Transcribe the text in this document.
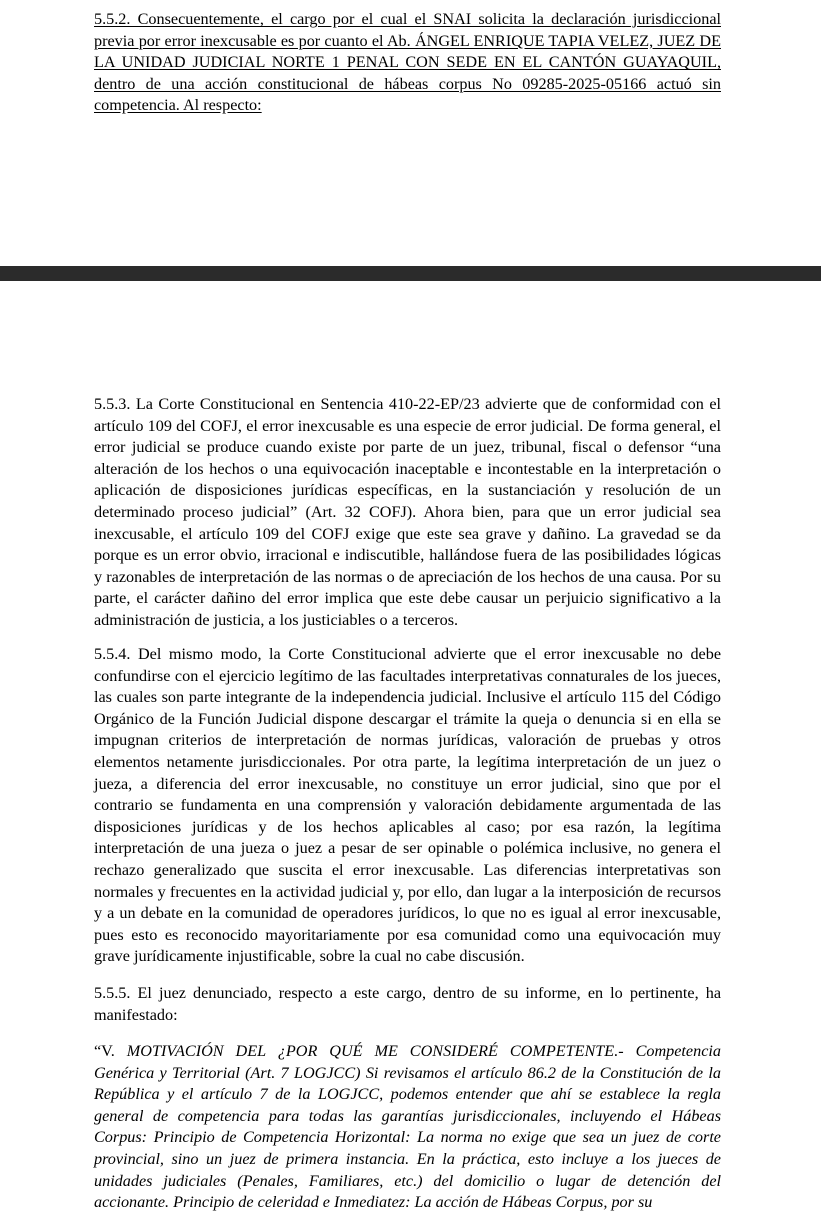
5.5.2. Consecuentemente, el cargo por el cual el SNAI solicita la declaración jurisdiccional previa por error inexcusable es por cuanto el Ab. ÁNGEL ENRIQUE TAPIA VELEZ, JUEZ DE LA UNIDAD JUDICIAL NORTE 1 PENAL CON SEDE EN EL CANTÓN GUAYAQUIL, dentro de una acción constitucional de hábeas corpus No 09285-2025-05166 actuó sin competencia. Al respecto:

5.5.3. La Corte Constitucional en Sentencia 410-22-EP/23 advierte que de conformidad con el artículo 109 del COFJ, el error inexcusable es una especie de error judicial. De forma general, el error judicial se produce cuando existe por parte de un juez, tribunal, fiscal o defensor “una alteración de los hechos o una equivocación inaceptable e incontestable en la interpretación o aplicación de disposiciones jurídicas específicas, en la sustanciación y resolución de un determinado proceso judicial” (Art. 32 COFJ). Ahora bien, para que un error judicial sea inexcusable, el artículo 109 del COFJ exige que este sea grave y dañino. La gravedad se da porque es un error obvio, irracional e indiscutible, hallándose fuera de las posibilidades lógicas y razonables de interpretación de las normas o de apreciación de los hechos de una causa. Por su parte, el carácter dañino del error implica que este debe causar un perjuicio significativo a la administración de justicia, a los justiciables o a terceros.

5.5.4. Del mismo modo, la Corte Constitucional advierte que el error inexcusable no debe confundirse con el ejercicio legítimo de las facultades interpretativas connaturales de los jueces, las cuales son parte integrante de la independencia judicial. Inclusive el artículo 115 del Código Orgánico de la Función Judicial dispone descargar el trámite la queja o denuncia si en ella se impugnan criterios de interpretación de normas jurídicas, valoración de pruebas y otros elementos netamente jurisdiccionales. Por otra parte, la legítima interpretación de un juez o jueza, a diferencia del error inexcusable, no constituye un error judicial, sino que por el contrario se fundamenta en una comprensión y valoración debidamente argumentada de las disposiciones jurídicas y de los hechos aplicables al caso; por esa razón, la legítima interpretación de una jueza o juez a pesar de ser opinable o polémica inclusive, no genera el rechazo generalizado que suscita el error inexcusable. Las diferencias interpretativas son normales y frecuentes en la actividad judicial y, por ello, dan lugar a la interposición de recursos y a un debate en la comunidad de operadores jurídicos, lo que no es igual al error inexcusable, pues esto es reconocido mayoritariamente por esa comunidad como una equivocación muy grave jurídicamente injustificable, sobre la cual no cabe discusión.

5.5.5. El juez denunciado, respecto a este cargo, dentro de su informe, en lo pertinente, ha manifestado:

“V. MOTIVACIÓN DEL ¿POR QUÉ ME CONSIDERÉ COMPETENTE.- Competencia Genérica y Territorial (Art. 7 LOGJCC) Si revisamos el artículo 86.2 de la Constitución de la República y el artículo 7 de la LOGJCC, podemos entender que ahí se establece la regla general de competencia para todas las garantías jurisdiccionales, incluyendo el Hábeas Corpus: Principio de Competencia Horizontal: La norma no exige que sea un juez de corte provincial, sino un juez de primera instancia. En la práctica, esto incluye a los jueces de unidades judiciales (Penales, Familiares, etc.) del domicilio o lugar de detención del accionante. Principio de celeridad e Inmediatez: La acción de Hábeas Corpus, por su
